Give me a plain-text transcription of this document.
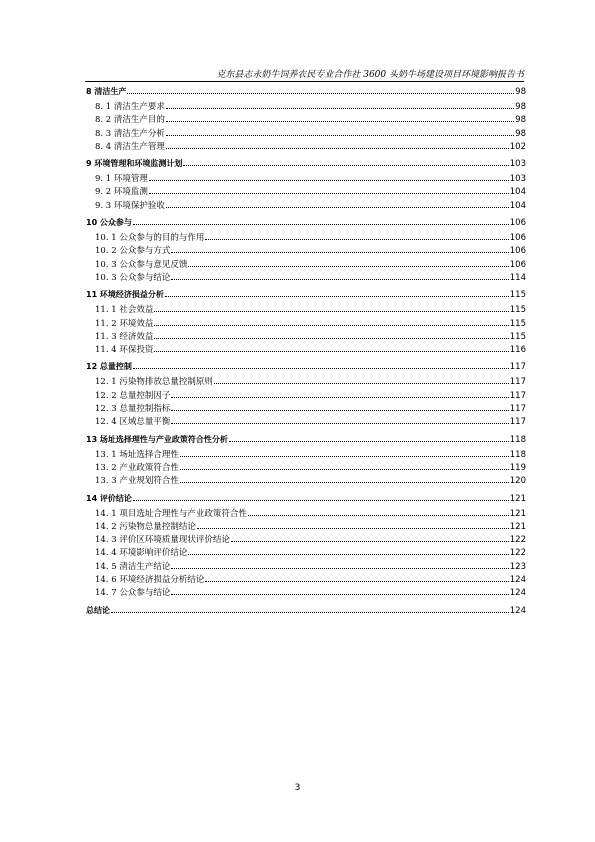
克东县志永奶牛饲养农民专业合作社 3600 头奶牛场建设项目环境影响报告书
8 清洁生产	98
8. 1 清洁生产要求	98
8. 2 清洁生产目的	98
8. 3 清洁生产分析	98
8. 4 清洁生产管理	102
9 环境管理和环境监测计划	103
9. 1 环境管理	103
9. 2 环境监测	104
9. 3 环境保护验收	104
10 公众参与	106
10. 1 公众参与的目的与作用	106
10. 2 公众参与方式	106
10. 3 公众参与意见反馈	106
10. 3 公众参与结论	114
11 环境经济损益分析	115
11. 1 社会效益	115
11. 2 环境效益	115
11. 3 经济效益	115
11. 4 环保投资	116
12 总量控制	117
12. 1 污染物排放总量控制原则	117
12. 2 总量控制因子	117
12. 3 总量控制指标	117
12. 4 区域总量平衡	117
13 场址选择理性与产业政策符合性分析	118
13. 1 场址选择合理性	118
13. 2 产业政策符合性	119
13. 3 产业规划符合性	120
14 评价结论	121
14. 1 项目选址合理性与产业政策符合性	121
14. 2 污染物总量控制结论	121
14. 3 评价区环境质量现状评价结论	122
14. 4 环境影响评价结论	122
14. 5 清洁生产结论	123
14. 6 环境经济损益分析结论	124
14. 7 公众参与结论	124
总结论	124
3
